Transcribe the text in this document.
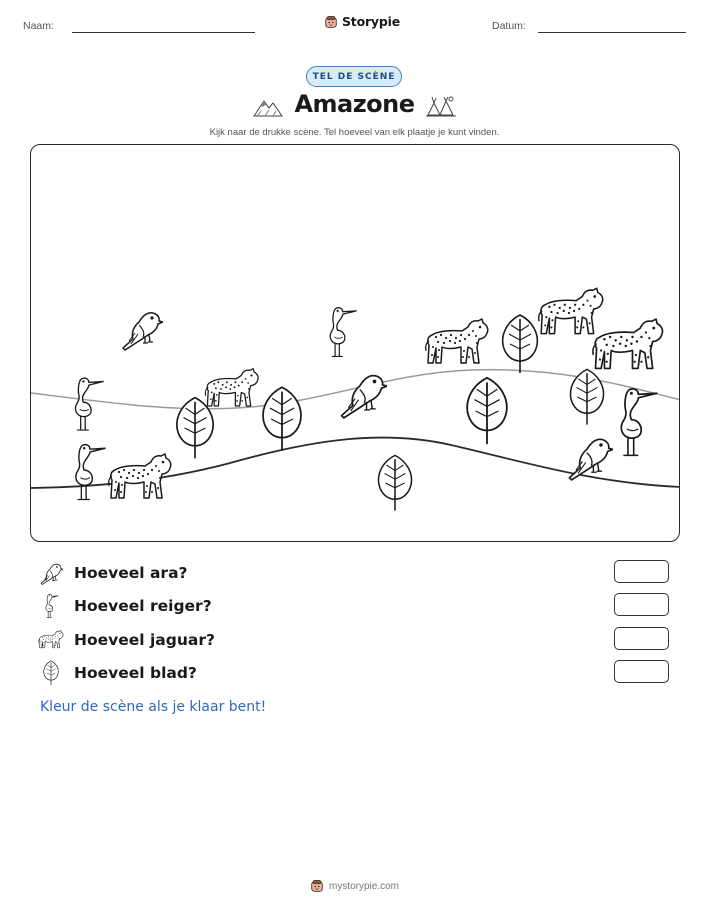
Naam:	Storypie	Datum:
TEL DE SCÈNE
Amazone
Kijk naar de drukke scène. Tel hoeveel van elk plaatje je kunt vinden.
Hoeveel ara?
Hoeveel reiger?
Hoeveel jaguar?
Hoeveel blad?
Kleur de scène als je klaar bent!
mystorypie.com
